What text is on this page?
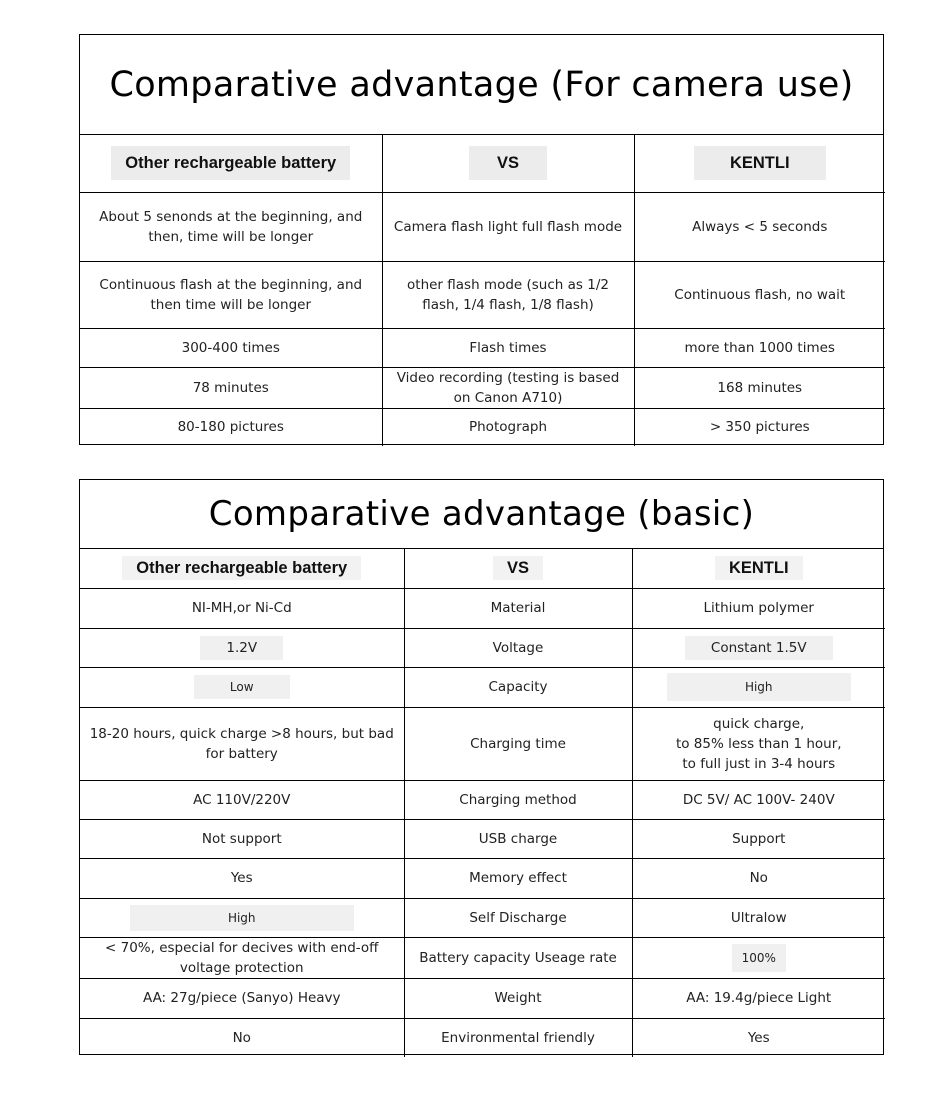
Comparative advantage (For camera use)
Other rechargeable battery	VS	KENTLI
About 5 senonds at the beginning, and then, time will be longer	Camera flash light full flash mode	Always < 5 seconds
Continuous flash at the beginning, and then time will be longer	other flash mode (such as 1/2 flash, 1/4 flash, 1/8 flash)	Continuous flash, no wait
300-400 times	Flash times	more than 1000 times
78 minutes	Video recording (testing is based on Canon A710)	168 minutes
80-180 pictures	Photograph	> 350 pictures
Comparative advantage (basic)
Other rechargeable battery	VS	KENTLI
NI-MH,or Ni-Cd	Material	Lithium polymer
1.2V	Voltage	Constant 1.5V
Low	Capacity	High
18-20 hours, quick charge >8 hours, but bad for battery	Charging time	quick charge,
to 85% less than 1 hour,
to full just in 3-4 hours
AC 110V/220V	Charging method	DC 5V/ AC 100V- 240V
Not support	USB charge	Support
Yes	Memory effect	No
High	Self Discharge	Ultralow
< 70%, especial for decives with end-off voltage protection	Battery capacity Useage rate	100%
AA: 27g/piece (Sanyo) Heavy	Weight	AA: 19.4g/piece Light
No	Environmental friendly	Yes
